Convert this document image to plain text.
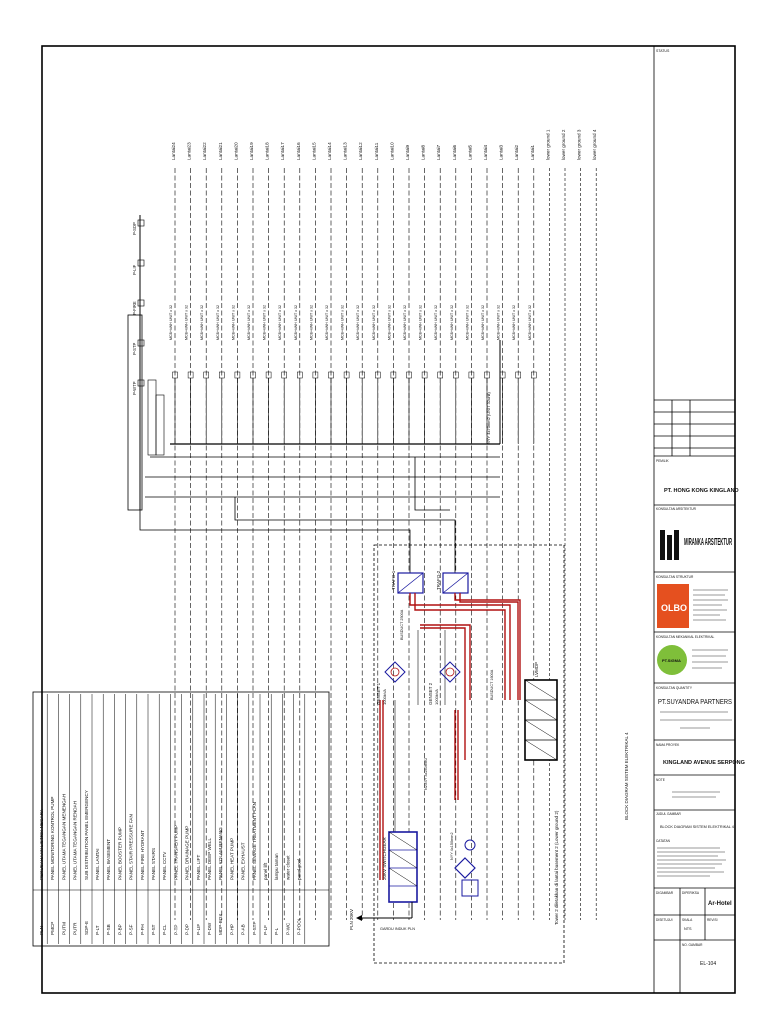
Lantai24 Lantai23 Lantai22 Lantai21 Lantai20 Lantai19 Lantai18 Lantai17 Lantai16 Lantai15 Lantai14 Lantai13 Lantai12 Lantai11 Lantai10 Lantai9 Lantai8 Lantai7 Lantai6 Lantai5 Lantai4 Lantai3 Lantai2 Lantai1 lower ground 1 lower ground 2 lower ground 3 lower ground 4
MCB+kWH UNIT x 32	MCB+kWH UNIT x 32	MCB+kWH UNIT x 32	MCB+kWH UNIT x 32	MCB+kWH UNIT x 32	MCB+kWH UNIT x 32	MCB+kWH UNIT x 32	MCB+kWH UNIT x 32	MCB+kWH UNIT x 32	MCB+kWH UNIT x 32	MCB+kWH UNIT x 32	MCB+kWH UNIT x 32	MCB+kWH UNIT x 32	MCB+kWH UNIT x 32	MCB+kWH UNIT x 32	MCB+kWH UNIT x 32	MCB+kWH UNIT x 32	MCB+kWH UNIT x 32	MCB+kWH UNIT x 32	MCB+kWH UNIT x 32	MCB+kWH UNIT x 32	MCB+kWH UNIT x 32	MCB+kWH UNIT x 32	MCB+kWH UNIT x 32
NYY 4x70mm2 (UNIT 32unit)
P-SDP
P-LIF
P-FIRE
P-STP
P-WTP
TRAFO-1	TRAFO-2
GENSET 1 1000kVA	GENSET 2 1000kVA
BUSDUCT 2500A
BUSDUCT 1600A
N2XSY 3x240mm2
NYY 4x150mm2
LVMDP
20KV SWITCHGEAR
PLN 20KV	GARDU INDUK PLN
Tower 2 diletakkan di lantai basement 2 (Lower ground 2)
PLN
PERUSAHAAN LISTRIK NEGARA
PMCP
PANEL MONITORING KONTROL PUMP
PUTM
PANEL UTAMA TEGANGAN MENENGAH
PUTR
PANEL UTAMA TEGANGAN RENDAH
SDP-E
SUB DISTRIBUTION PANEL EMERGENCY
P-LT
PANEL LANTAI
P-SB
PANEL BASEMENT
P-BP
PANEL BOOSTER PUMP
P-SF
PANEL STAIR PRESSURE FAN
P-FH
PANEL FIRE HYDRANT
P-ST
PANEL STAIRS
P-CL
PANEL CCTV
P-TP
PANEL TRANSFER PUMP
P-DP
PANEL DRAINAGE PUMP
P-LIF
PANEL LIFT
P-DW
PANEL DEEP WELL
MDP-BOX
PANEL KOLAM RENANG
P-HP
PANEL HEAT PUMP
P-AB
PANEL EXHAUST
P-STP
PANEL SEWAGE TREATMENT PLAN
P-LF
panel lift
P-L
lampu taman
P-WC
water closet
P-POOL
panel pool
BLOCK DIAGRAM SISTEM ELEKTRIKAL 4
STATUS
PEMILIK
PT. HONG KONG KINGLAND
KONSULTAN ARSITEKTUR
MIRANKA ARSITEKTUR
KONSULTAN STRUKTUR
OLBO
KONSULTAN MEKANIKAL ELEKTRIKAL
PT.SIGMA
KONSULTAN QUANTITY
PT.SUYANDRA PARTNERS
NAMA PROYEK
KINGLAND AVENUE SERPONG
NOTE
JUDUL GAMBAR
BLOCK DIAGRAM SISTEM ELEKTRIKAL 4
CATATAN
DIGAMBAR	DIPERIKSA
Ar-Hotel
DISETUJUI	SKALA
NTS
REVISI
NO. GAMBAR
EL-104
